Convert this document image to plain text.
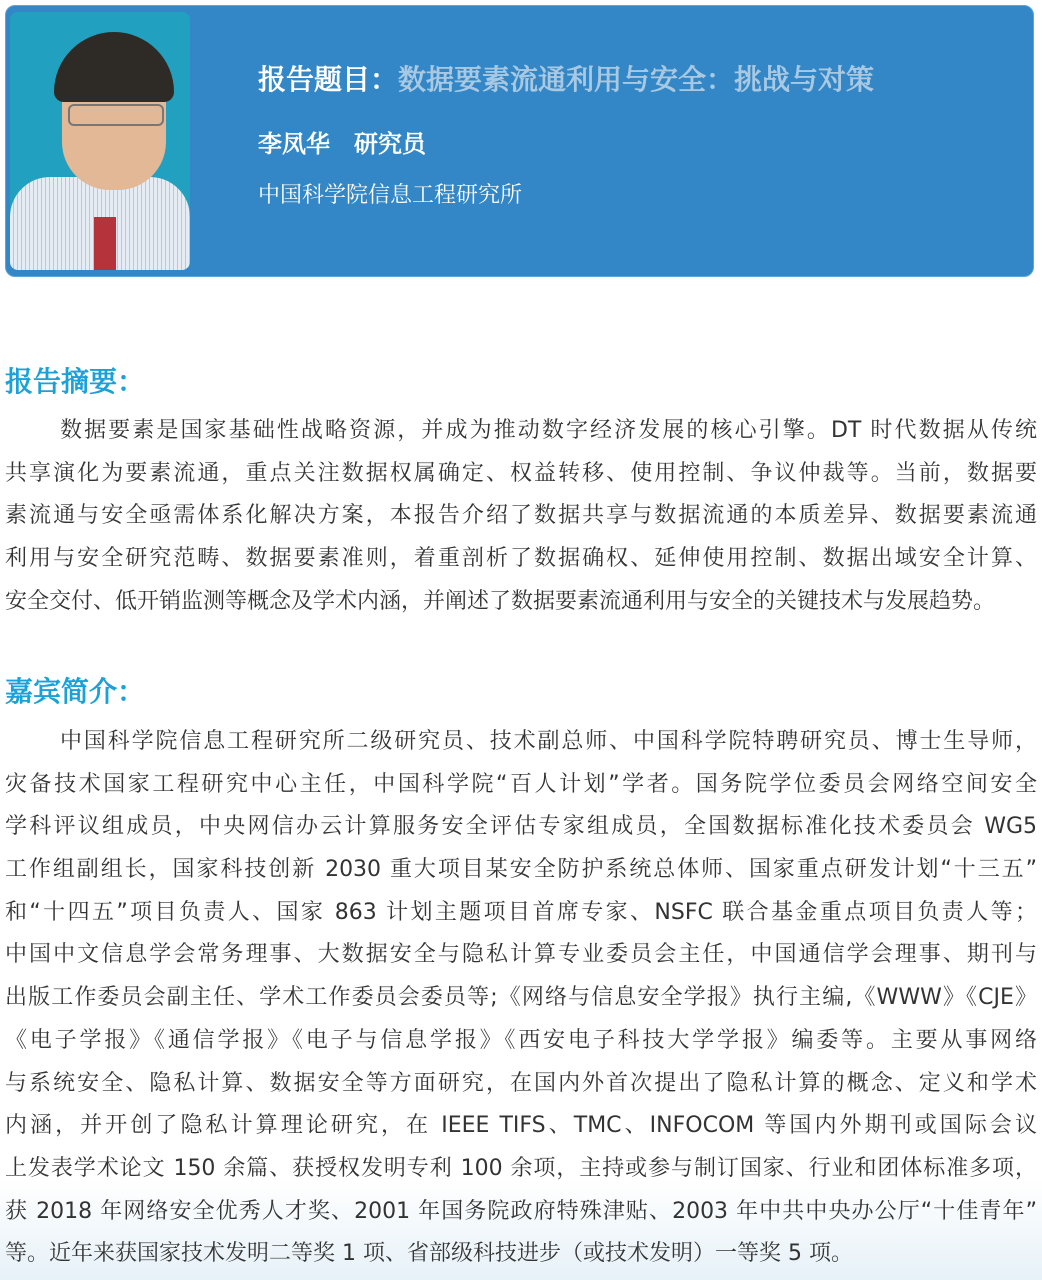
报告题目：数据要素流通利用与安全：挑战与对策
李凤华 研究员
中国科学院信息工程研究所
报告摘要：
数据要素是国家基础性战略资源，并成为推动数字经济发展的核心引擎。DT 时代数据从传统
共享演化为要素流通，重点关注数据权属确定、权益转移、使用控制、争议仲裁等。当前，数据要
素流通与安全亟需体系化解决方案，本报告介绍了数据共享与数据流通的本质差异、数据要素流通
利用与安全研究范畴、数据要素准则，着重剖析了数据确权、延伸使用控制、数据出域安全计算、
安全交付、低开销监测等概念及学术内涵，并阐述了数据要素流通利用与安全的关键技术与发展趋势。
嘉宾简介：
中国科学院信息工程研究所二级研究员、技术副总师、中国科学院特聘研究员、博士生导师，
灾备技术国家工程研究中心主任，中国科学院“百人计划”学者。国务院学位委员会网络空间安全
学科评议组成员，中央网信办云计算服务安全评估专家组成员，全国数据标准化技术委员会 WG5
工作组副组长，国家科技创新 2030 重大项目某安全防护系统总体师、国家重点研发计划“十三五”
和“十四五”项目负责人、国家 863 计划主题项目首席专家、NSFC 联合基金重点项目负责人等；
中国中文信息学会常务理事、大数据安全与隐私计算专业委员会主任，中国通信学会理事、期刊与
出版工作委员会副主任、学术工作委员会委员等;《网络与信息安全学报》执行主编,《WWW》《CJE》
《电子学报》《通信学报》《电子与信息学报》《西安电子科技大学学报》编委等。主要从事网络
与系统安全、隐私计算、数据安全等方面研究，在国内外首次提出了隐私计算的概念、定义和学术
内涵，并开创了隐私计算理论研究，在 IEEE TIFS、TMC、INFOCOM 等国内外期刊或国际会议
上发表学术论文 150 余篇、获授权发明专利 100 余项，主持或参与制订国家、行业和团体标准多项，
获 2018 年网络安全优秀人才奖、2001 年国务院政府特殊津贴、2003 年中共中央办公厅“十佳青年”
等。近年来获国家技术发明二等奖 1 项、省部级科技进步（或技术发明）一等奖 5 项。
